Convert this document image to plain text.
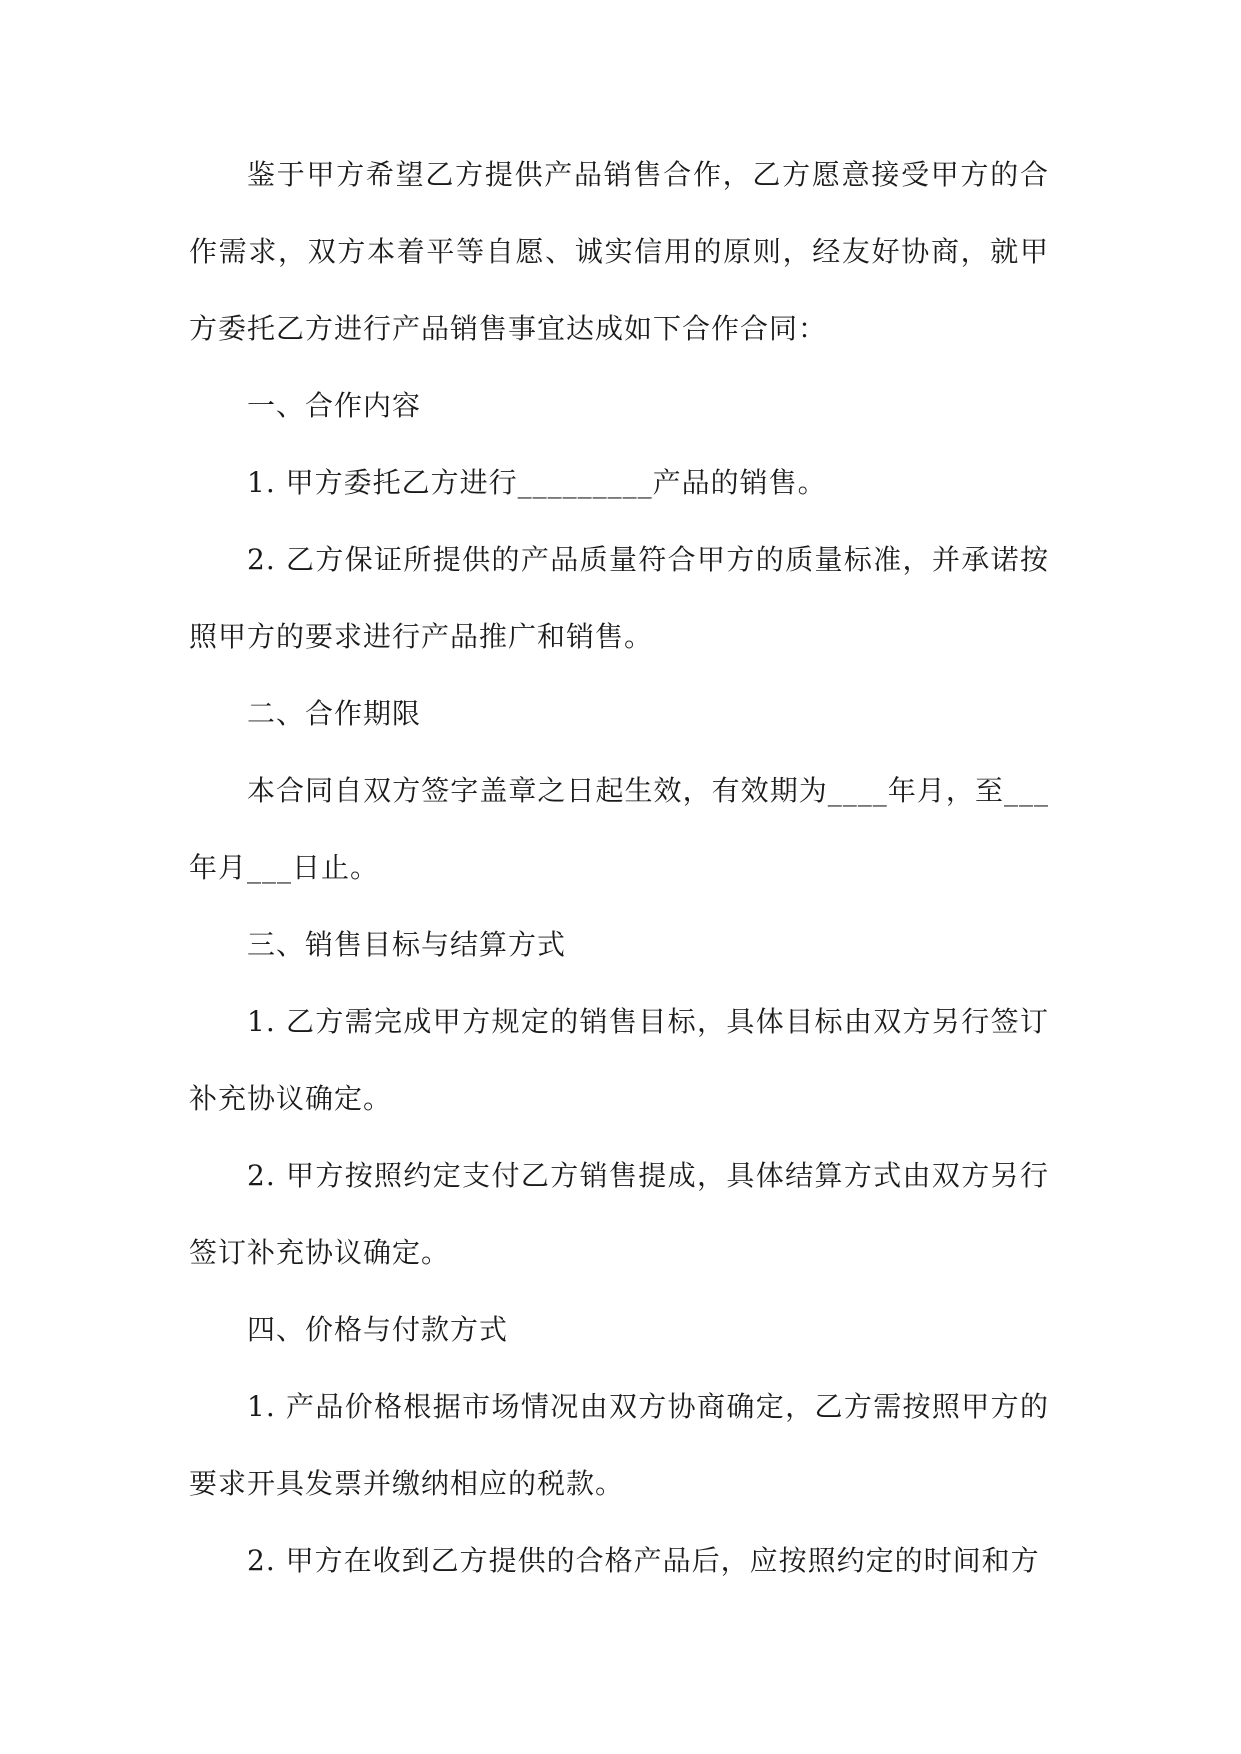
鉴于甲方希望乙方提供产品销售合作，乙方愿意接受甲方的合作需求，双方本着平等自愿、诚实信用的原则，经友好协商，就甲方委托乙方进行产品销售事宜达成如下合作合同：

一、合作内容

1. 甲方委托乙方进行_________产品的销售。

2. 乙方保证所提供的产品质量符合甲方的质量标准，并承诺按照甲方的要求进行产品推广和销售。

二、合作期限

本合同自双方签字盖章之日起生效，有效期为____年月，至___年月___日止。

三、销售目标与结算方式

1. 乙方需完成甲方规定的销售目标，具体目标由双方另行签订补充协议确定。

2. 甲方按照约定支付乙方销售提成，具体结算方式由双方另行签订补充协议确定。

四、价格与付款方式

1. 产品价格根据市场情况由双方协商确定，乙方需按照甲方的要求开具发票并缴纳相应的税款。

2. 甲方在收到乙方提供的合格产品后，应按照约定的时间和方
